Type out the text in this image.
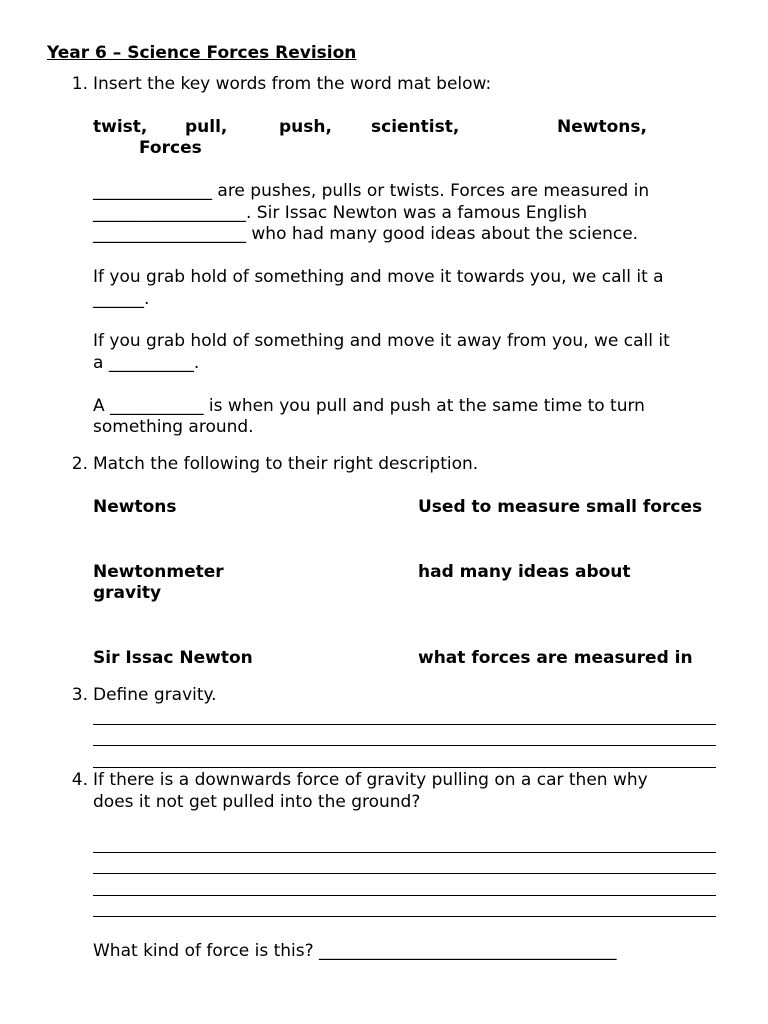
Year 6 – Science Forces Revision
1. Insert the key words from the word mat below:
twist, pull,	push, scientist,	Newtons,
Forces
______________ are pushes, pulls or twists. Forces are measured in
__________________. Sir Issac Newton was a famous English
__________________ who had many good ideas about the science.
If you grab hold of something and move it towards you, we call it a
______.
If you grab hold of something and move it away from you, we call it
a __________.
A ___________ is when you pull and push at the same time to turn
something around.
2. Match the following to their right description.
Newtons	Used to measure small forces
Newtonmeter	had many ideas about
gravity
Sir Issac Newton	what forces are measured in
3. Define gravity.
4. If there is a downwards force of gravity pulling on a car then why
does it not get pulled into the ground?
What kind of force is this? ___________________________________
